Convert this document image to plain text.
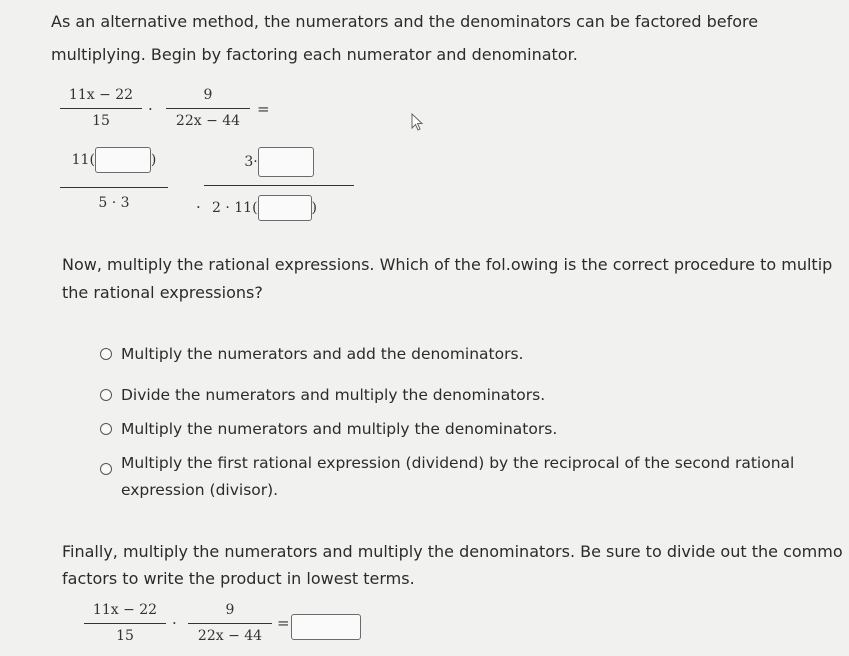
As an alternative method, the numerators and the denominators can be factored before
multiplying. Begin by factoring each numerator and denominator.
11x − 22
15
·
9
22x − 44
=
11(	)
5 · 3	·
3·
2 · 11(	)
Now, multiply the rational expressions. Which of the fol.owing is the correct procedure to multip
the rational expressions?
Multiply the numerators and add the denominators.
Divide the numerators and multiply the denominators.
Multiply the numerators and multiply the denominators.
Multiply the first rational expression (dividend) by the reciprocal of the second rational
expression (divisor).
Finally, multiply the numerators and multiply the denominators. Be sure to divide out the commo
factors to write the product in lowest terms.
11x − 22
15
·
9
22x − 44
=
